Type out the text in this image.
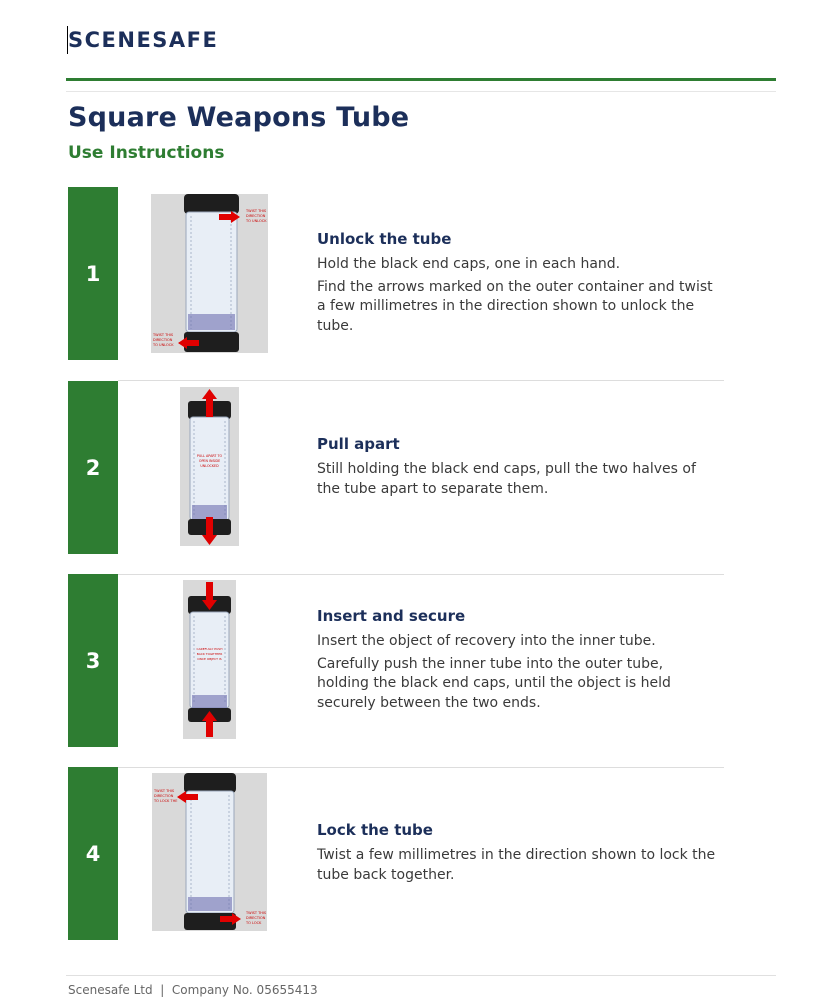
SCENESAFE
Square Weapons Tube
Use Instructions
1
TWIST THIS
DIRECTION
TO UNLOCK
TWIST THIS
DIRECTION
TO UNLOCK
Unlock the tube

Hold the black end caps, one in each hand.

Find the arrows marked on the outer container and twist a few millimetres in the direction shown to unlock the tube.

2	PULL APART TO
OPEN INSIDE
UNLOCKED
Pull apart

Still holding the black end caps, pull the two halves of the tube apart to separate them.

3	CAREFULLY PUSH
BACK TOGETHER
ONCE OBJECT IS
Insert and secure

Insert the object of recovery into the inner tube.

Carefully push the inner tube into the outer tube, holding the black end caps, until the object is held securely between the two ends.

4
TWIST THIS
DIRECTION
TO LOCK THE
TWIST THIS
DIRECTION
TO LOCK
Lock the tube

Twist a few millimetres in the direction shown to lock the tube back together.

Scenesafe Ltd  |  Company No. 05655413
